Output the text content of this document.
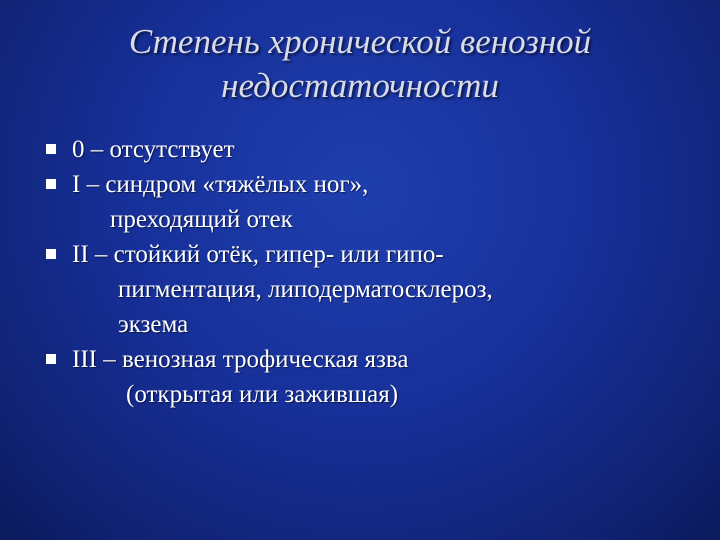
Степень хронической венозной
недостаточности
0 – отсутствует
I – синдром «тяжёлых ног»,
преходящий отек
II – стойкий отёк, гипер- или гипо-
пигментация, липодерматосклероз,
экзема
III – венозная трофическая язва
(открытая или зажившая)
